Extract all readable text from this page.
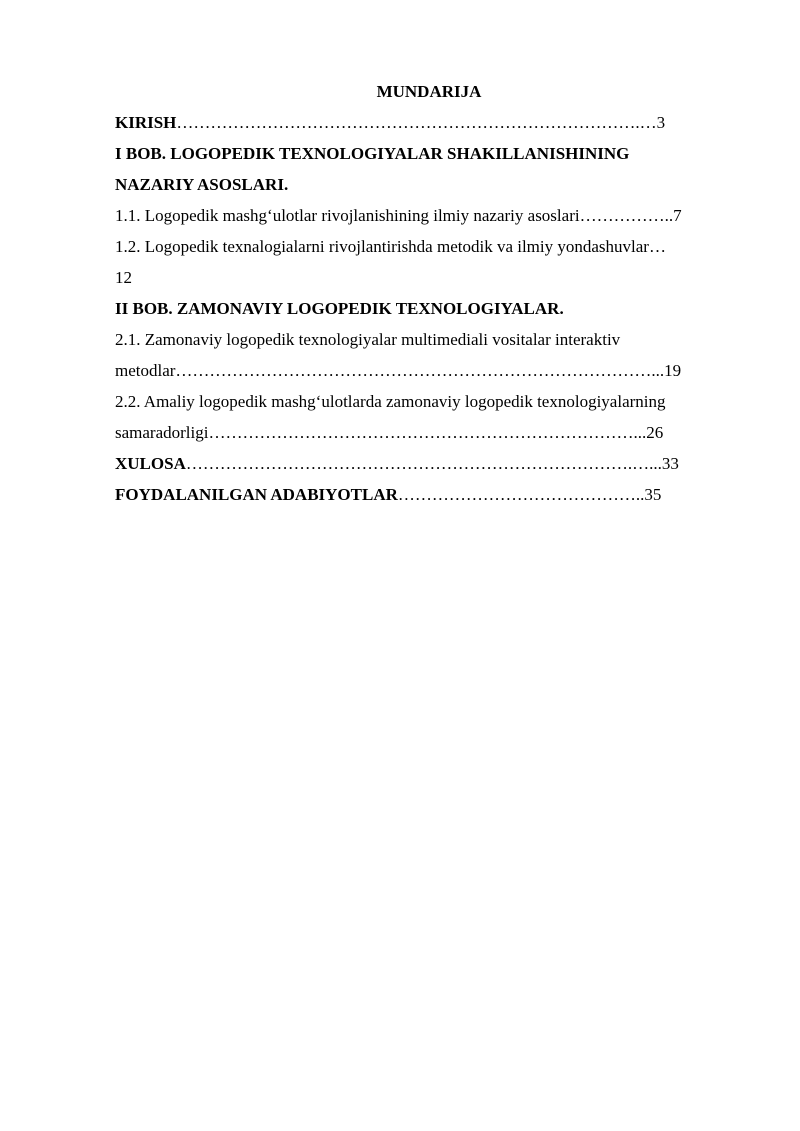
MUNDARIJA
KIRISH……………………………………………………………………….…3
I BOB. LOGOPEDIK TEXNOLOGIYALAR SHAKILLANISHINING
NAZARIY ASOSLARI.
1.1. Logopedik mashg‘ulotlar rivojlanishining ilmiy nazariy asoslari……………..7
1.2. Logopedik texnalogialarni rivojlantirishda metodik va ilmiy yondashuvlar…
12
II BOB. ZAMONAVIY LOGOPEDIK TEXNOLOGIYALAR.
2.1. Zamonaviy logopedik texnologiyalar multimediali vositalar interaktiv
metodlar…………………………………………………………………………...19
2.2. Amaliy logopedik mashg‘ulotlarda zamonaviy logopedik texnologiyalarning
samaradorligi…………………………………………………………………...26
XULOSA…………………………………………………………………….…...33
FOYDALANILGAN ADABIYOTLAR……………………………………..35
